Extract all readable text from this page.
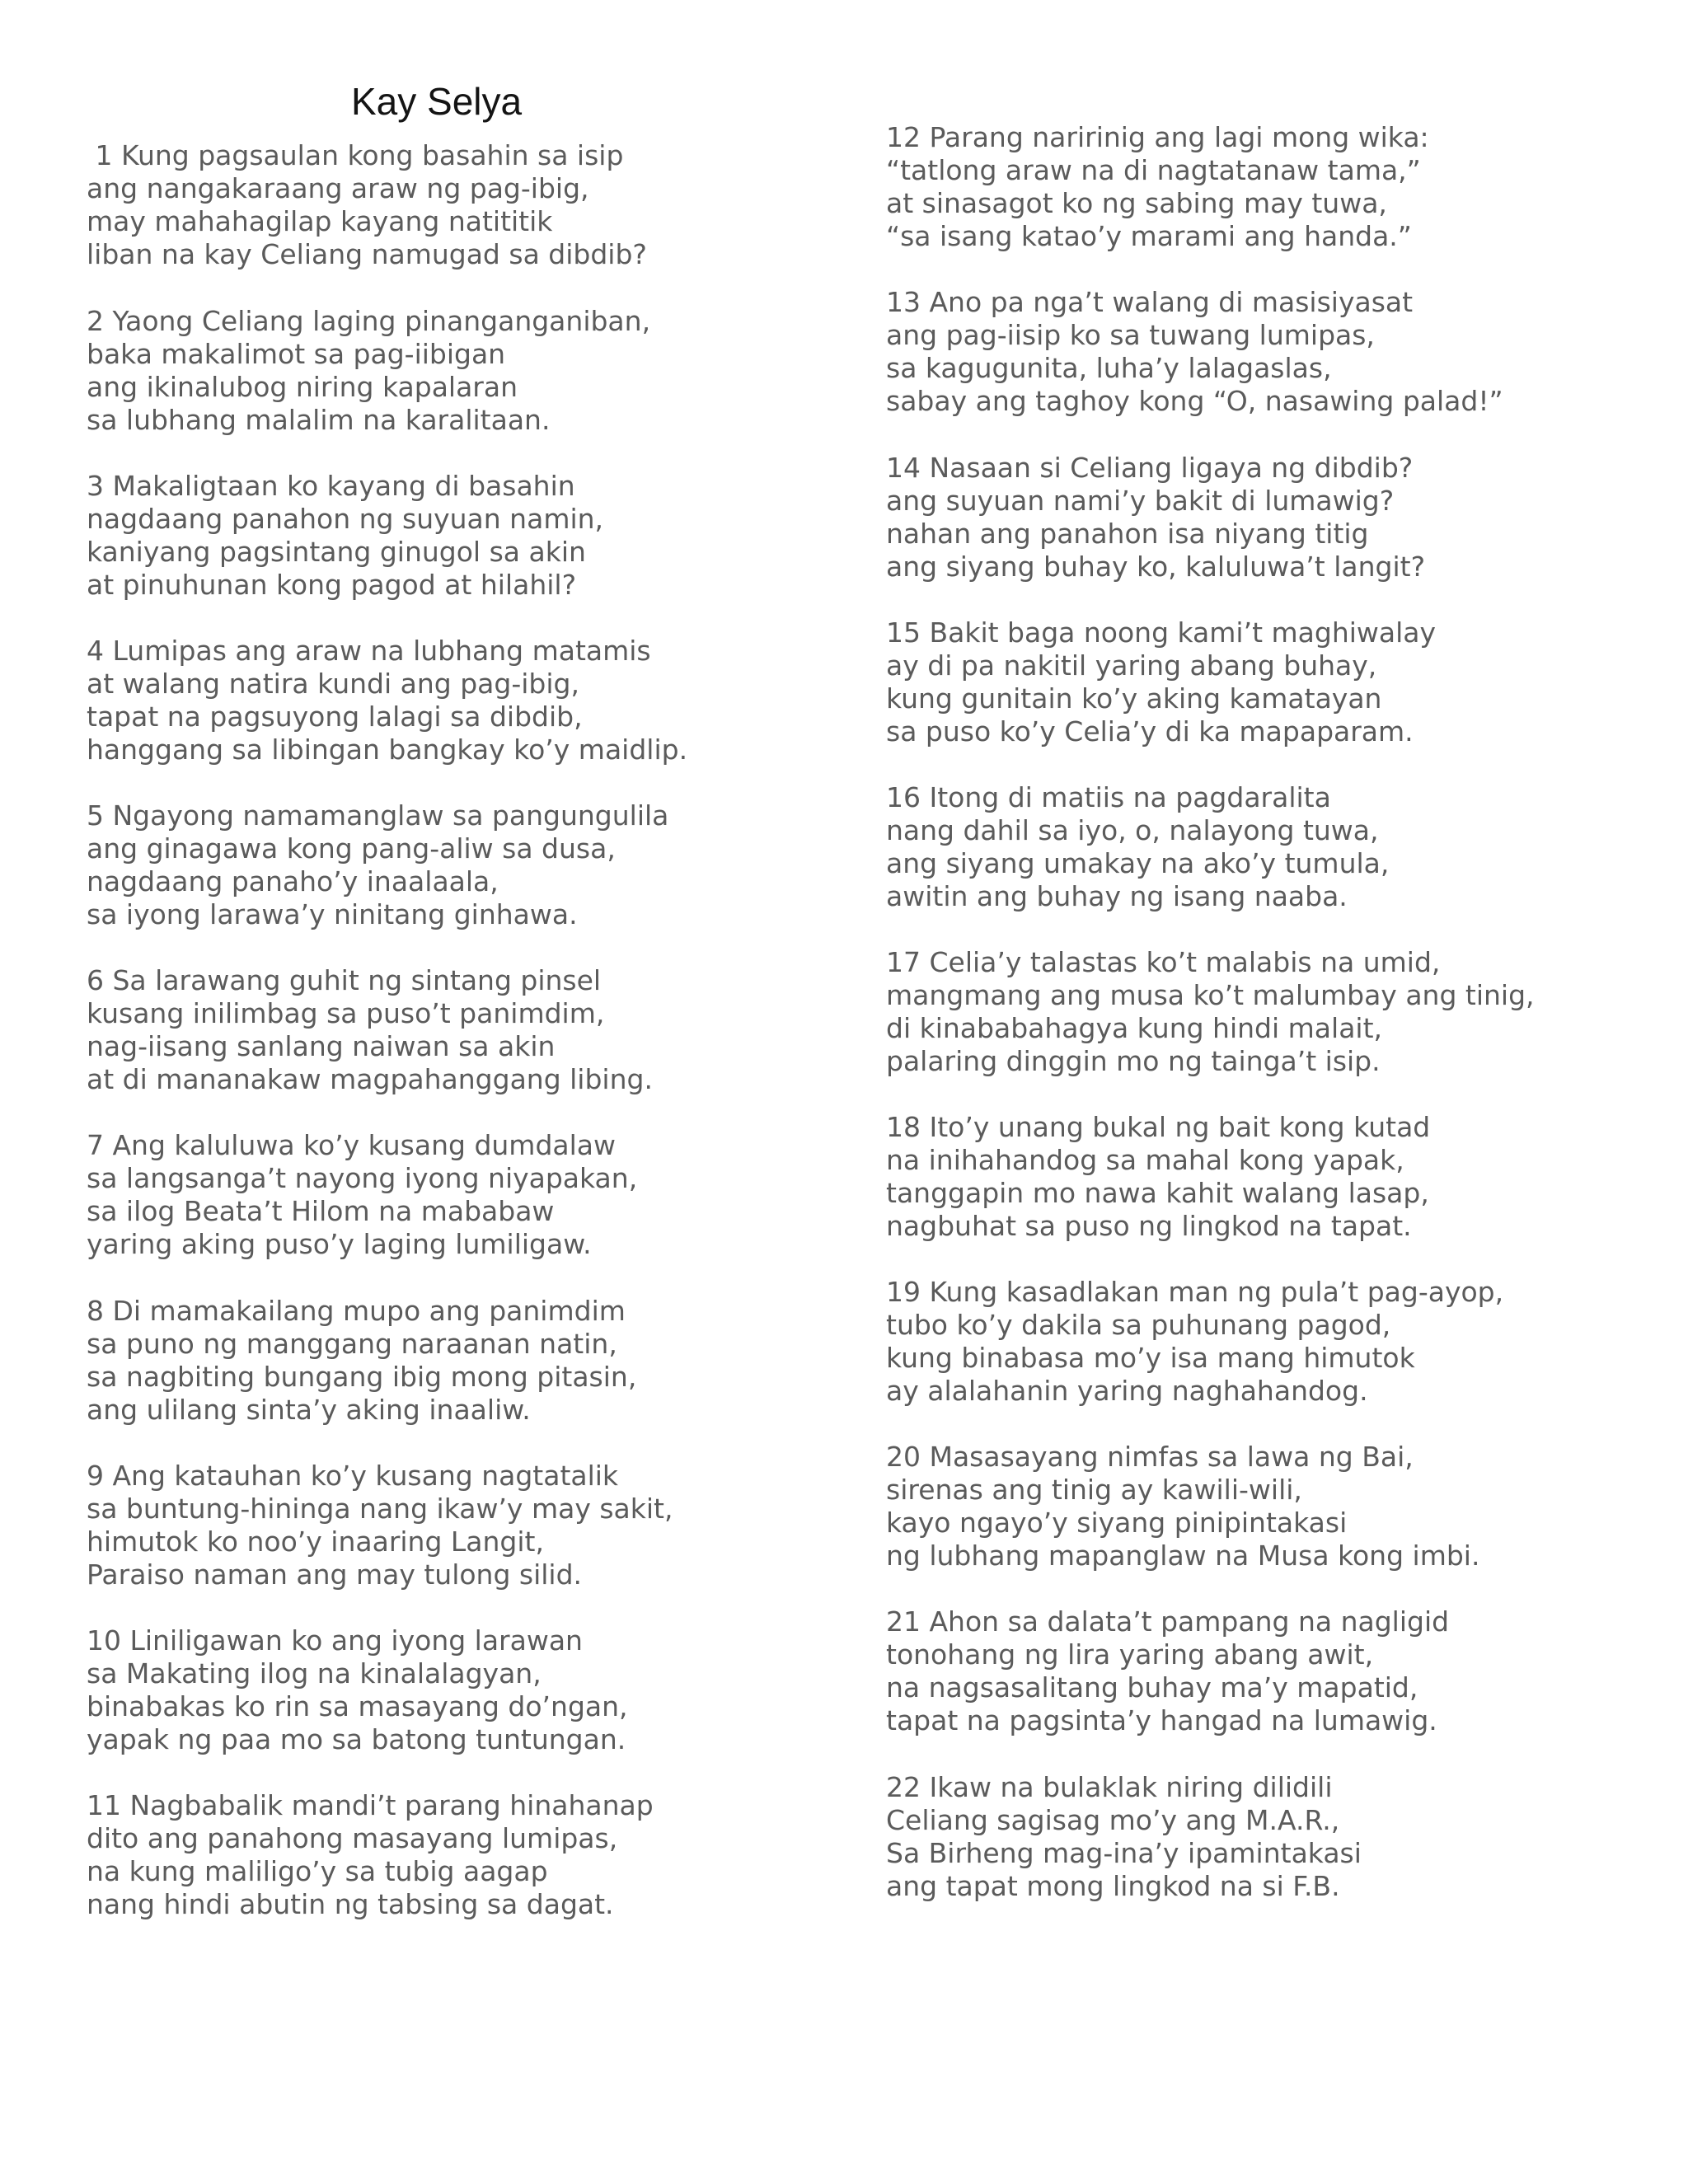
Kay Selya
1 Kung pagsaulan kong basahin sa isip
ang nangakaraang araw ng pag-ibig,
may mahahagilap kayang natititik
liban na kay Celiang namugad sa dibdib?
2 Yaong Celiang laging pinanganganiban,
baka makalimot sa pag-iibigan
ang ikinalubog niring kapalaran
sa lubhang malalim na karalitaan.
3 Makaligtaan ko kayang di basahin
nagdaang panahon ng suyuan namin,
kaniyang pagsintang ginugol sa akin
at pinuhunan kong pagod at hilahil?
4 Lumipas ang araw na lubhang matamis
at walang natira kundi ang pag-ibig,
tapat na pagsuyong lalagi sa dibdib,
hanggang sa libingan bangkay ko’y maidlip.
5 Ngayong namamanglaw sa pangungulila
ang ginagawa kong pang-aliw sa dusa,
nagdaang panaho’y inaalaala,
sa iyong larawa’y ninitang ginhawa.
6 Sa larawang guhit ng sintang pinsel
kusang inilimbag sa puso’t panimdim,
nag-iisang sanlang naiwan sa akin
at di mananakaw magpahanggang libing.
7 Ang kaluluwa ko’y kusang dumdalaw
sa langsanga’t nayong iyong niyapakan,
sa ilog Beata’t Hilom na mababaw
yaring aking puso’y laging lumiligaw.
8 Di mamakailang mupo ang panimdim
sa puno ng manggang naraanan natin,
sa nagbiting bungang ibig mong pitasin,
ang ulilang sinta’y aking inaaliw.
9 Ang katauhan ko’y kusang nagtatalik
sa buntung-hininga nang ikaw’y may sakit,
himutok ko noo’y inaaring Langit,
Paraiso naman ang may tulong silid.
10 Liniligawan ko ang iyong larawan
sa Makating ilog na kinalalagyan,
binabakas ko rin sa masayang do’ngan,
yapak ng paa mo sa batong tuntungan.
11 Nagbabalik mandi’t parang hinahanap
dito ang panahong masayang lumipas,
na kung maliligo’y sa tubig aagap
nang hindi abutin ng tabsing sa dagat.
12 Parang naririnig ang lagi mong wika:
“tatlong araw na di nagtatanaw tama,”
at sinasagot ko ng sabing may tuwa,
“sa isang katao’y marami ang handa.”
13 Ano pa nga’t walang di masisiyasat
ang pag-iisip ko sa tuwang lumipas,
sa kagugunita, luha’y lalagaslas,
sabay ang taghoy kong “O, nasawing palad!”
14 Nasaan si Celiang ligaya ng dibdib?
ang suyuan nami’y bakit di lumawig?
nahan ang panahon isa niyang titig
ang siyang buhay ko, kaluluwa’t langit?
15 Bakit baga noong kami’t maghiwalay
ay di pa nakitil yaring abang buhay,
kung gunitain ko’y aking kamatayan
sa puso ko’y Celia’y di ka mapaparam.
16 Itong di matiis na pagdaralita
nang dahil sa iyo, o, nalayong tuwa,
ang siyang umakay na ako’y tumula,
awitin ang buhay ng isang naaba.
17 Celia’y talastas ko’t malabis na umid,
mangmang ang musa ko’t malumbay ang tinig,
di kinababahagya kung hindi malait,
palaring dinggin mo ng tainga’t isip.
18 Ito’y unang bukal ng bait kong kutad
na inihahandog sa mahal kong yapak,
tanggapin mo nawa kahit walang lasap,
nagbuhat sa puso ng lingkod na tapat.
19 Kung kasadlakan man ng pula’t pag-ayop,
tubo ko’y dakila sa puhunang pagod,
kung binabasa mo’y isa mang himutok
ay alalahanin yaring naghahandog.
20 Masasayang nimfas sa lawa ng Bai,
sirenas ang tinig ay kawili-wili,
kayo ngayo’y siyang pinipintakasi
ng lubhang mapanglaw na Musa kong imbi.
21 Ahon sa dalata’t pampang na nagligid
tonohang ng lira yaring abang awit,
na nagsasalitang buhay ma’y mapatid,
tapat na pagsinta’y hangad na lumawig.
22 Ikaw na bulaklak niring dilidili
Celiang sagisag mo’y ang M.A.R.,
Sa Birheng mag-ina’y ipamintakasi
ang tapat mong lingkod na si F.B.
